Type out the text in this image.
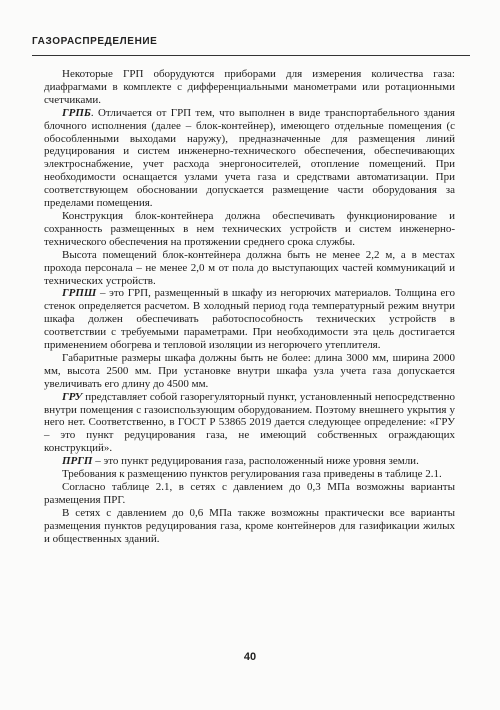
ГАЗОРАСПРЕДЕЛЕНИЕ

Некоторые ГРП оборудуются приборами для измерения количества газа: диафрагмами в комплекте с дифференциальными манометрами или ротационными счетчиками.

ГРПБ. Отличается от ГРП тем, что выполнен в виде транспортабельного здания блочного исполнения (далее – блок-контейнер), имеющего отдельные помещения (с обособленными выходами наружу), предназначенные для размещения линий редуцирования и систем инженерно-технического обеспечения, обеспечивающих электроснабжение, учет расхода энергоносителей, отопление помещений. При необходимости оснащается узлами учета газа и средствами автоматизации. При соответствующем обосновании допускается размещение части оборудования за пределами помещения.

Конструкция блок-контейнера должна обеспечивать функционирование и сохранность размещенных в нем технических устройств и систем инженерно-технического обеспечения на протяжении среднего срока службы.

Высота помещений блок-контейнера должна быть не менее 2,2 м, а в местах прохода персонала – не менее 2,0 м от пола до выступающих частей коммуникаций и технических устройств.

ГРПШ – это ГРП, размещенный в шкафу из негорючих материалов. Толщина его стенок определяется расчетом. В холодный период года температурный режим внутри шкафа должен обеспечивать работоспособность технических устройств в соответствии с требуемыми параметрами. При необходимости эта цель достигается применением обогрева и тепловой изоляции из негорючего утеплителя.

Габаритные размеры шкафа должны быть не более: длина 3000 мм, ширина 2000 мм, высота 2500 мм. При установке внутри шкафа узла учета газа допускается увеличивать его длину до 4500 мм.

ГРУ представляет собой газорегуляторный пункт, установленный непосредственно внутри помещения с газоиспользующим оборудованием. Поэтому внешнего укрытия у него нет. Соответственно, в ГОСТ Р 53865 2019 дается следующее определение: «ГРУ – это пункт редуцирования газа, не имеющий собственных ограждающих конструкций».

ПРГП – это пункт редуцирования газа, расположенный ниже уровня земли.

Требования к размещению пунктов регулирования газа приведены в таблице 2.1.

Согласно таблице 2.1, в сетях с давлением до 0,3 МПа возможны варианты размещения ПРГ.

В сетях с давлением до 0,6 МПа также возможны практически все варианты размещения пунктов редуцирования газа, кроме контейнеров для газификации жилых и общественных зданий.

40
